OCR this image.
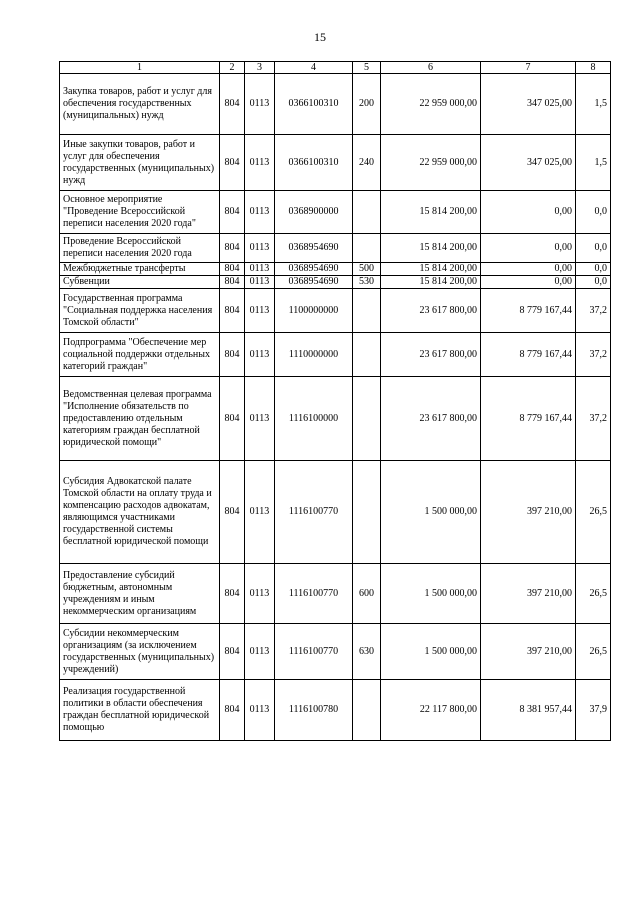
15
1	2	3	4	5	6	7	8
Закупка товаров, работ и услуг для обеспечения государственных (муниципальных) нужд	804	0113	0366100310	200	22 959 000,00	347 025,00	1,5
Иные закупки товаров, работ и услуг для обеспечения государственных (муниципальных) нужд	804	0113	0366100310	240	22 959 000,00	347 025,00	1,5
Основное мероприятие "Проведение Всероссийской переписи населения 2020 года"	804	0113	0368900000		15 814 200,00	0,00	0,0
Проведение Всероссийской переписи населения 2020 года	804	0113	0368954690		15 814 200,00	0,00	0,0
Межбюджетные трансферты	804	0113	0368954690	500	15 814 200,00	0,00	0,0
Субвенции	804	0113	0368954690	530	15 814 200,00	0,00	0,0
Государственная программа "Социальная поддержка населения Томской области"	804	0113	1100000000		23 617 800,00	8 779 167,44	37,2
Подпрограмма "Обеспечение мер социальной поддержки отдельных категорий граждан"	804	0113	1110000000		23 617 800,00	8 779 167,44	37,2
Ведомственная целевая программа "Исполнение обязательств по предоставлению отдельным категориям граждан бесплатной юридической помощи"	804	0113	1116100000		23 617 800,00	8 779 167,44	37,2
Субсидия Адвокатской палате Томской области на оплату труда и компенсацию расходов адвокатам, являющимся участниками государственной системы бесплатной юридической помощи	804	0113	1116100770		1 500 000,00	397 210,00	26,5
Предоставление субсидий бюджетным, автономным учреждениям и иным некоммерческим организациям	804	0113	1116100770	600	1 500 000,00	397 210,00	26,5
Субсидии некоммерческим организациям (за исключением государственных (муниципальных) учреждений)	804	0113	1116100770	630	1 500 000,00	397 210,00	26,5
Реализация государственной политики в области обеспечения граждан бесплатной юридической помощью	804	0113	1116100780		22 117 800,00	8 381 957,44	37,9
